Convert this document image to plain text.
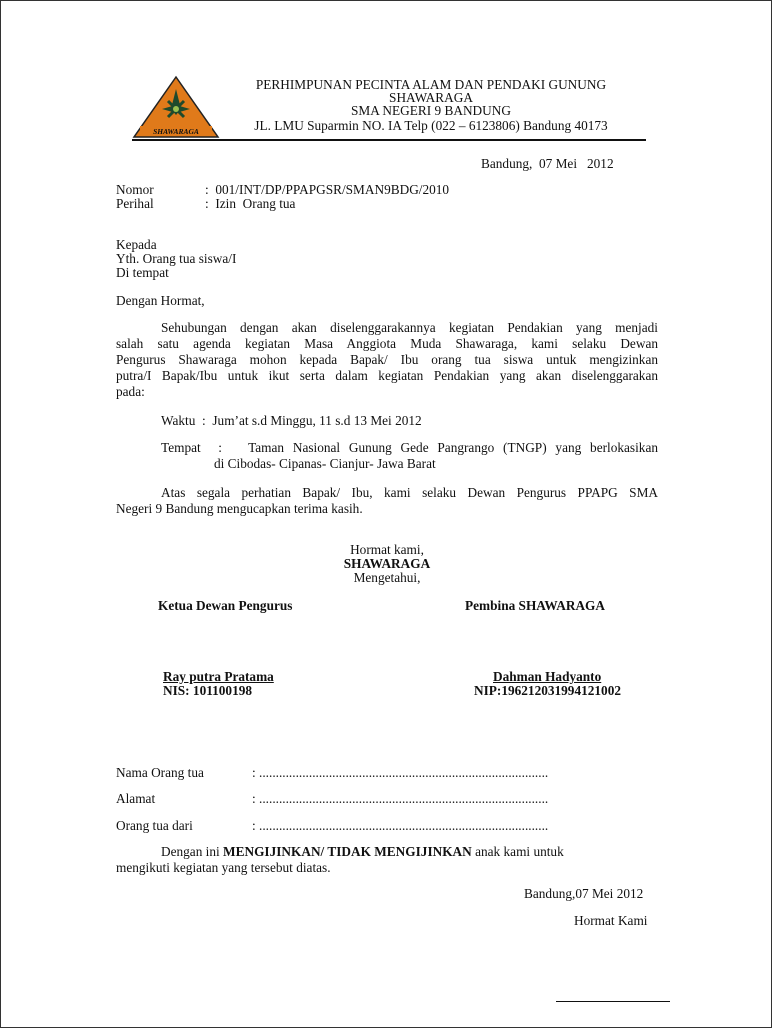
SHAWARAGA
PERHIMPUNAN PECINTA ALAM DAN PENDAKI GUNUNG
SHAWARAGA
SMA NEGERI 9 BANDUNG
JL. LMU Suparmin NO. IA Telp (022 – 6123806) Bandung 40173
Bandung,  07 Mei   2012
Nomor	:  001/INT/DP/PPAPGSR/SMAN9BDG/2010
Perihal	:  Izin  Orang tua
Kepada
Yth. Orang tua siswa/I
Di tempat
Dengan Hormat,
Sehubungan dengan akan diselenggarakannya kegiatan Pendakian yang menjadi
salah satu agenda kegiatan Masa Anggiota Muda Shawaraga, kami selaku Dewan
Pengurus Shawaraga mohon kepada Bapak/ Ibu orang tua siswa untuk mengizinkan
putra/I Bapak/Ibu untuk ikut serta dalam kegiatan Pendakian yang akan diselenggarakan
pada:
Waktu  :  Jum’at s.d Minggu, 11 s.d 13 Mei 2012
Tempat  :   Taman Nasional Gunung Gede Pangrango (TNGP) yang berlokasikan
di Cibodas- Cipanas- Cianjur- Jawa Barat
Atas segala perhatian Bapak/ Ibu, kami selaku Dewan Pengurus PPAPG SMA
Negeri 9 Bandung mengucapkan terima kasih.
Hormat kami,
SHAWARAGA
Mengetahui,
Ketua Dewan Pengurus	Pembina SHAWARAGA
Ray putra Pratama
NIS: 101100198
Dahman Hadyanto
NIP:196212031994121002
Nama Orang tua	: .......................................................................................
Alamat	: .......................................................................................
Orang tua dari	: .......................................................................................
Dengan ini MENGIJINKAN/ TIDAK MENGIJINKAN anak kami untuk
mengikuti kegiatan yang tersebut diatas.
Bandung,07 Mei 2012
Hormat Kami
